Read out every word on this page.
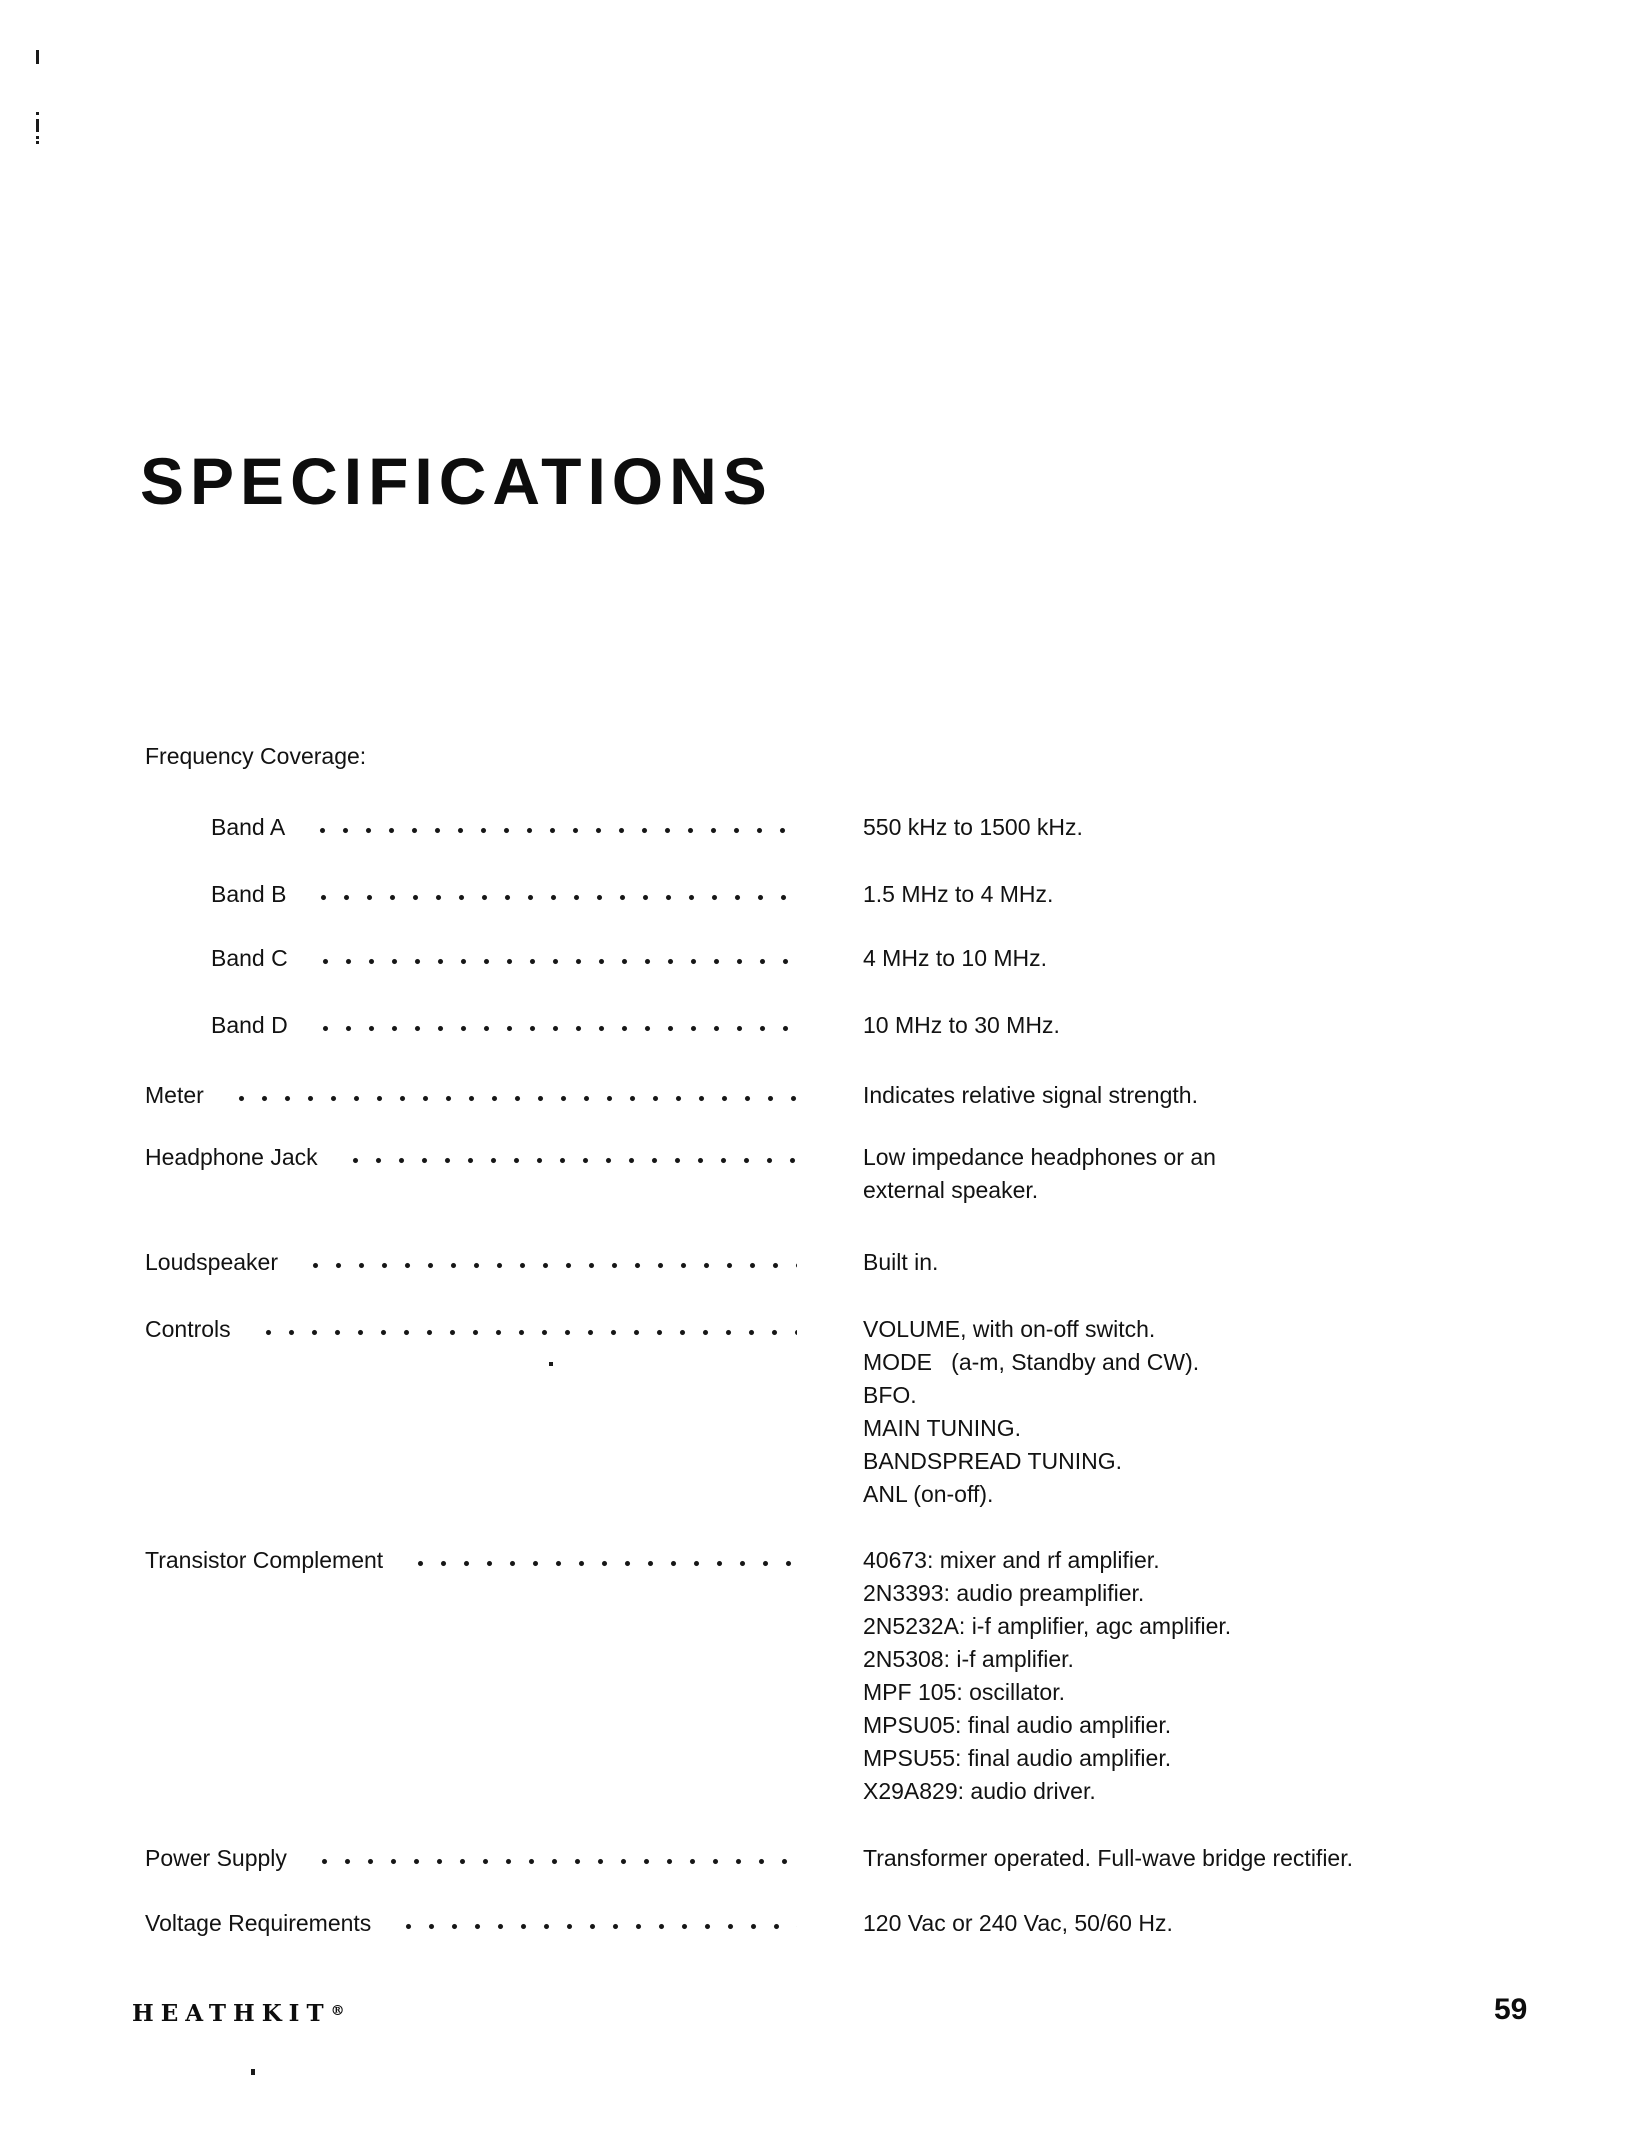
SPECIFICATIONS
Frequency Coverage:
Band A	550 kHz to 1500 kHz.
Band B	1.5 MHz to 4 MHz.
Band C	4 MHz to 10 MHz.
Band D	10 MHz to 30 MHz.
Meter	Indicates relative signal strength.
Headphone Jack	Low impedance headphones or an
external speaker.
Loudspeaker	Built in.
Controls	VOLUME, with on-off switch.
MODE   (a-m, Standby and CW).
BFO.
MAIN TUNING.
BANDSPREAD TUNING.
ANL (on-off).
Transistor Complement	40673: mixer and rf amplifier.
2N3393: audio preamplifier.
2N5232A: i-f amplifier, agc amplifier.
2N5308: i-f amplifier.
MPF 105: oscillator.
MPSU05: final audio amplifier.
MPSU55: final audio amplifier.
X29A829: audio driver.
Power Supply	Transformer operated. Full-wave bridge rectifier.
Voltage Requirements	120 Vac or 240 Vac, 50/60 Hz.
HEATHKIT®	59
